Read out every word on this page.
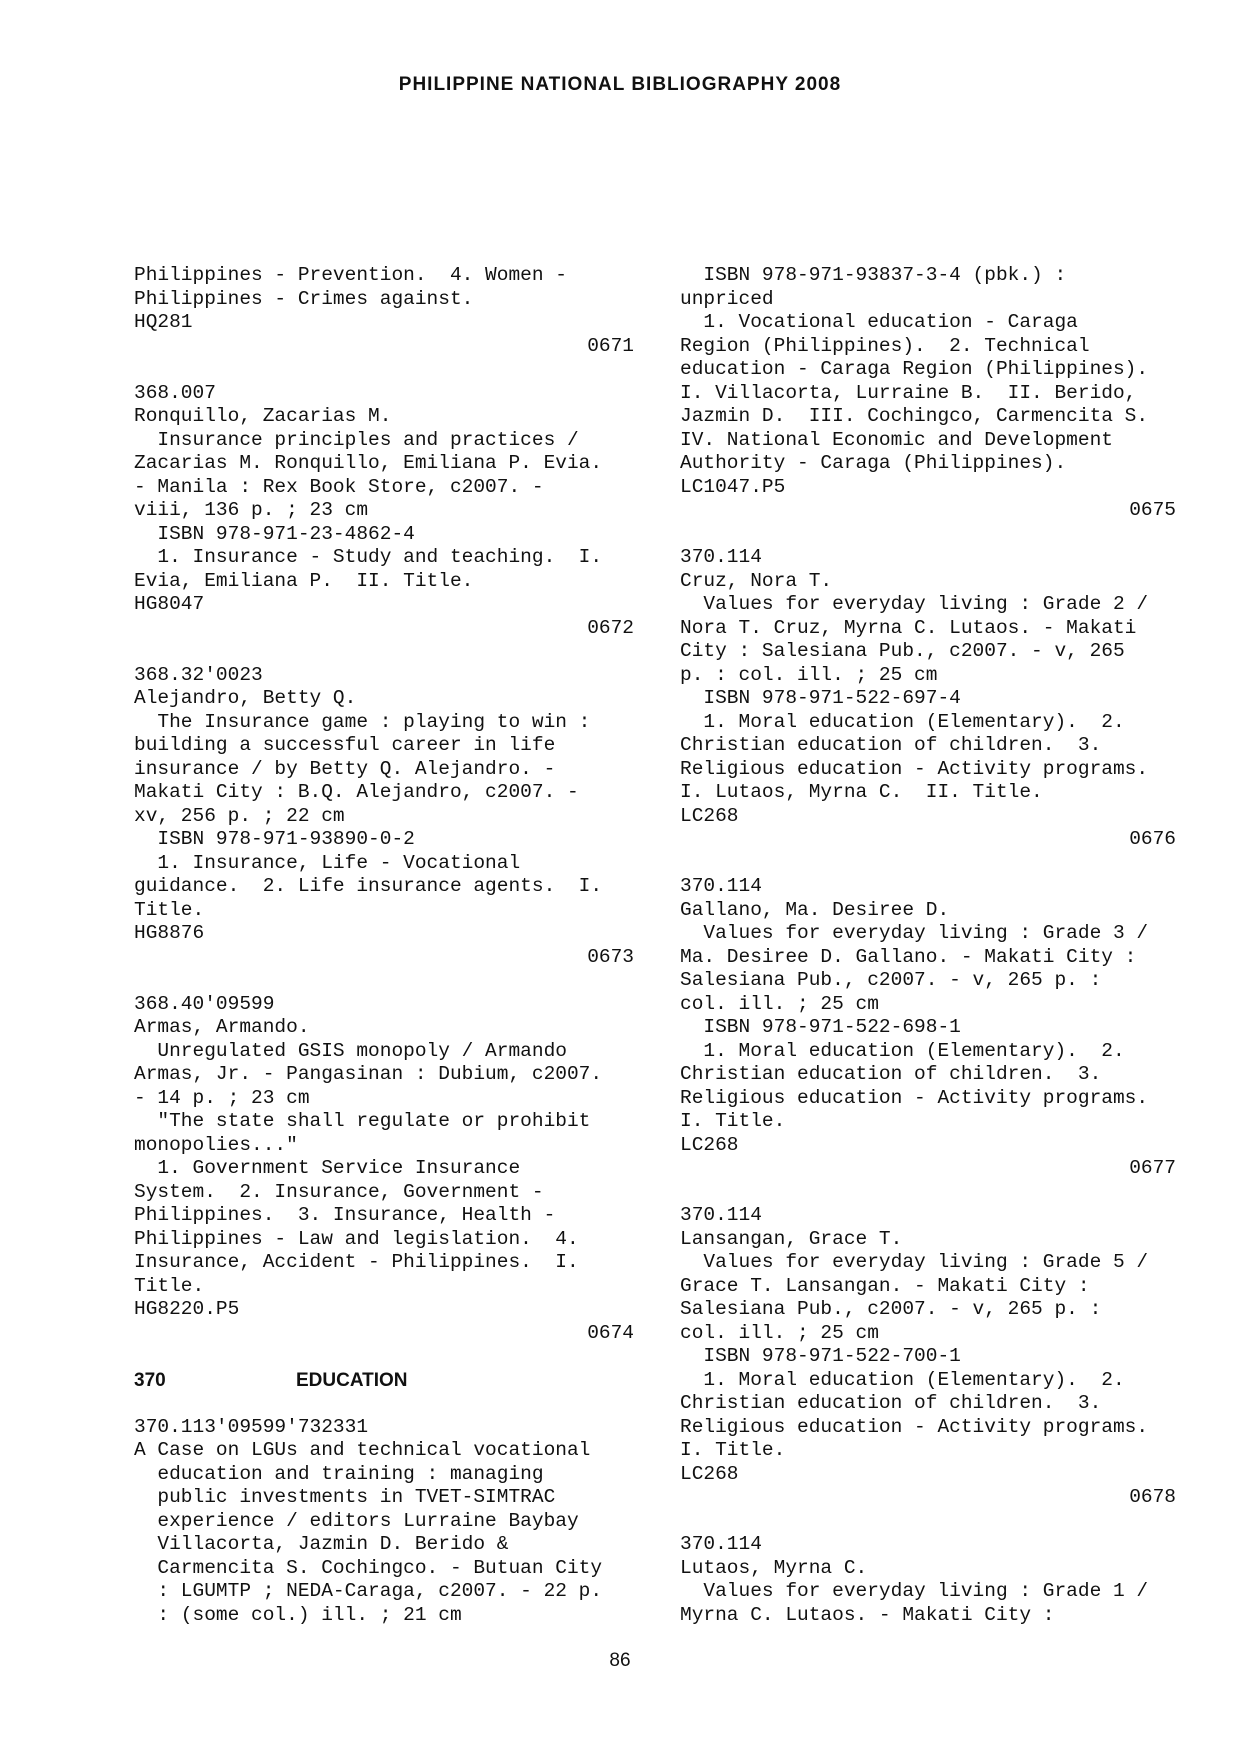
PHILIPPINE NATIONAL BIBLIOGRAPHY 2008
Philippines - Prevention.  4. Women -
Philippines - Crimes against.
HQ281
0671
368.007
Ronquillo, Zacarias M.
Insurance principles and practices /
Zacarias M. Ronquillo, Emiliana P. Evia.
- Manila : Rex Book Store, c2007. -
viii, 136 p. ; 23 cm
ISBN 978-971-23-4862-4
1. Insurance - Study and teaching.  I.
Evia, Emiliana P.  II. Title.
HG8047
0672
368.32'0023
Alejandro, Betty Q.
The Insurance game : playing to win :
building a successful career in life
insurance / by Betty Q. Alejandro. -
Makati City : B.Q. Alejandro, c2007. -
xv, 256 p. ; 22 cm
ISBN 978-971-93890-0-2
1. Insurance, Life - Vocational
guidance.  2. Life insurance agents.  I.
Title.
HG8876
0673
368.40'09599
Armas, Armando.
Unregulated GSIS monopoly / Armando
Armas, Jr. - Pangasinan : Dubium, c2007.
- 14 p. ; 23 cm
"The state shall regulate or prohibit
monopolies..."
1. Government Service Insurance
System.  2. Insurance, Government -
Philippines.  3. Insurance, Health -
Philippines - Law and legislation.  4.
Insurance, Accident - Philippines.  I.
Title.
HG8220.P5
0674
370	EDUCATION
370.113'09599'732331
A Case on LGUs and technical vocational
education and training : managing
public investments in TVET-SIMTRAC
experience / editors Lurraine Baybay
Villacorta, Jazmin D. Berido &
Carmencita S. Cochingco. - Butuan City
: LGUMTP ; NEDA-Caraga, c2007. - 22 p.
: (some col.) ill. ; 21 cm
ISBN 978-971-93837-3-4 (pbk.) :
unpriced
1. Vocational education - Caraga
Region (Philippines).  2. Technical
education - Caraga Region (Philippines).
I. Villacorta, Lurraine B.  II. Berido,
Jazmin D.  III. Cochingco, Carmencita S.
IV. National Economic and Development
Authority - Caraga (Philippines).
LC1047.P5
0675
370.114
Cruz, Nora T.
Values for everyday living : Grade 2 /
Nora T. Cruz, Myrna C. Lutaos. - Makati
City : Salesiana Pub., c2007. - v, 265
p. : col. ill. ; 25 cm
ISBN 978-971-522-697-4
1. Moral education (Elementary).  2.
Christian education of children.  3.
Religious education - Activity programs.
I. Lutaos, Myrna C.  II. Title.
LC268
0676
370.114
Gallano, Ma. Desiree D.
Values for everyday living : Grade 3 /
Ma. Desiree D. Gallano. - Makati City :
Salesiana Pub., c2007. - v, 265 p. :
col. ill. ; 25 cm
ISBN 978-971-522-698-1
1. Moral education (Elementary).  2.
Christian education of children.  3.
Religious education - Activity programs.
I. Title.
LC268
0677
370.114
Lansangan, Grace T.
Values for everyday living : Grade 5 /
Grace T. Lansangan. - Makati City :
Salesiana Pub., c2007. - v, 265 p. :
col. ill. ; 25 cm
ISBN 978-971-522-700-1
1. Moral education (Elementary).  2.
Christian education of children.  3.
Religious education - Activity programs.
I. Title.
LC268
0678
370.114
Lutaos, Myrna C.
Values for everyday living : Grade 1 /
Myrna C. Lutaos. - Makati City :
86
